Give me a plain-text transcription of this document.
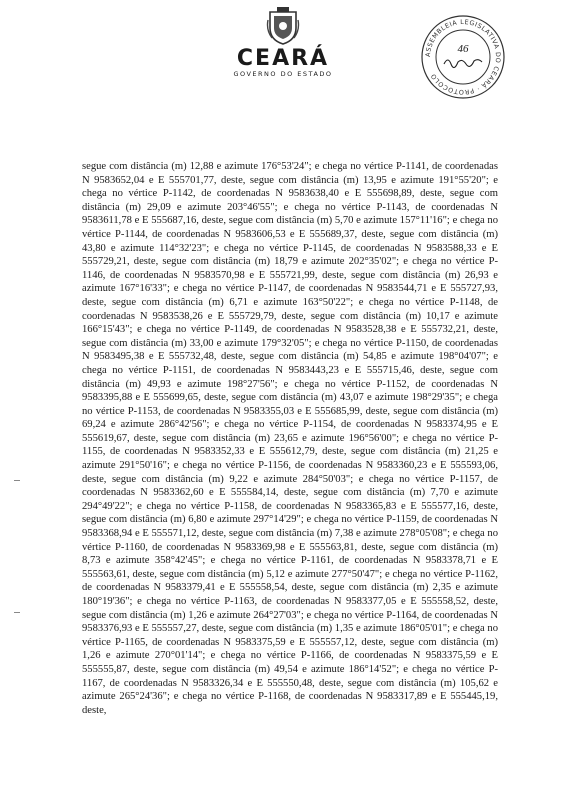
CEARÁ
GOVERNO DO ESTADO
ASSEMBLEIA LEGISLATIVA DO CEARÁ · PROTOCOLO
46

segue com distância (m) 12,88 e azimute 176°53'24"; e chega no vértice P-1141, de coordenadas N 9583652,04 e E 555701,77, deste, segue com distância (m) 13,95 e azimute 191°55'20"; e chega no vértice P-1142, de coordenadas N 9583638,40 e E 555698,89, deste, segue com distância (m) 29,09 e azimute 203°46'55"; e chega no vértice P-1143, de coordenadas N 9583611,78 e E 555687,16, deste, segue com distância (m) 5,70 e azimute 157°11'16"; e chega no vértice P-1144, de coordenadas N 9583606,53 e E 555689,37, deste, segue com distância (m) 43,80 e azimute 114°32'23"; e chega no vértice P-1145, de coordenadas N 9583588,33 e E 555729,21, deste, segue com distância (m) 18,79 e azimute 202°35'02"; e chega no vértice P-1146, de coordenadas N 9583570,98 e E 555721,99, deste, segue com distância (m) 26,93 e azimute 167°16'33"; e chega no vértice P-1147, de coordenadas N 9583544,71 e E 555727,93, deste, segue com distância (m) 6,71 e azimute 163°50'22"; e chega no vértice P-1148, de coordenadas N 9583538,26 e E 555729,79, deste, segue com distância (m) 10,17 e azimute 166°15'43"; e chega no vértice P-1149, de coordenadas N 9583528,38 e E 555732,21, deste, segue com distância (m) 33,00 e azimute 179°32'05"; e chega no vértice P-1150, de coordenadas N 9583495,38 e E 555732,48, deste, segue com distância (m) 54,85 e azimute 198°04'07"; e chega no vértice P-1151, de coordenadas N 9583443,23 e E 555715,46, deste, segue com distância (m) 49,93 e azimute 198°27'56"; e chega no vértice P-1152, de coordenadas N 9583395,88 e E 555699,65, deste, segue com distância (m) 43,07 e azimute 198°29'35"; e chega no vértice P-1153, de coordenadas N 9583355,03 e E 555685,99, deste, segue com distância (m) 69,24 e azimute 286°42'56"; e chega no vértice P-1154, de coordenadas N 9583374,95 e E 555619,67, deste, segue com distância (m) 23,65 e azimute 196°56'00"; e chega no vértice P-1155, de coordenadas N 9583352,33 e E 555612,79, deste, segue com distância (m) 21,25 e azimute 291°50'16"; e chega no vértice P-1156, de coordenadas N 9583360,23 e E 555593,06, deste, segue com distância (m) 9,22 e azimute 284°50'03"; e chega no vértice P-1157, de coordenadas N 9583362,60 e E 555584,14, deste, segue com distância (m) 7,70 e azimute 294°49'22"; e chega no vértice P-1158, de coordenadas N 9583365,83 e E 555577,16, deste, segue com distância (m) 6,80 e azimute 297°14'29"; e chega no vértice P-1159, de coordenadas N 9583368,94 e E 555571,12, deste, segue com distância (m) 7,38 e azimute 278°05'08"; e chega no vértice P-1160, de coordenadas N 9583369,98 e E 555563,81, deste, segue com distância (m) 8,73 e azimute 358°42'45"; e chega no vértice P-1161, de coordenadas N 9583378,71 e E 555563,61, deste, segue com distância (m) 5,12 e azimute 277°50'47"; e chega no vértice P-1162, de coordenadas N 9583379,41 e E 555558,54, deste, segue com distância (m) 2,35 e azimute 180°19'36"; e chega no vértice P-1163, de coordenadas N 9583377,05 e E 555558,52, deste, segue com distância (m) 1,26 e azimute 264°27'03"; e chega no vértice P-1164, de coordenadas N 9583376,93 e E 555557,27, deste, segue com distância (m) 1,35 e azimute 186°05'01"; e chega no vértice P-1165, de coordenadas N 9583375,59 e E 555557,12, deste, segue com distância (m) 1,26 e azimute 270°01'14"; e chega no vértice P-1166, de coordenadas N 9583375,59 e E 555555,87, deste, segue com distância (m) 49,54 e azimute 186°14'52"; e chega no vértice P-1167, de coordenadas N 9583326,34 e E 555550,48, deste, segue com distância (m) 105,62 e azimute 265°24'36"; e chega no vértice P-1168, de coordenadas N 9583317,89 e E 555445,19, deste,
